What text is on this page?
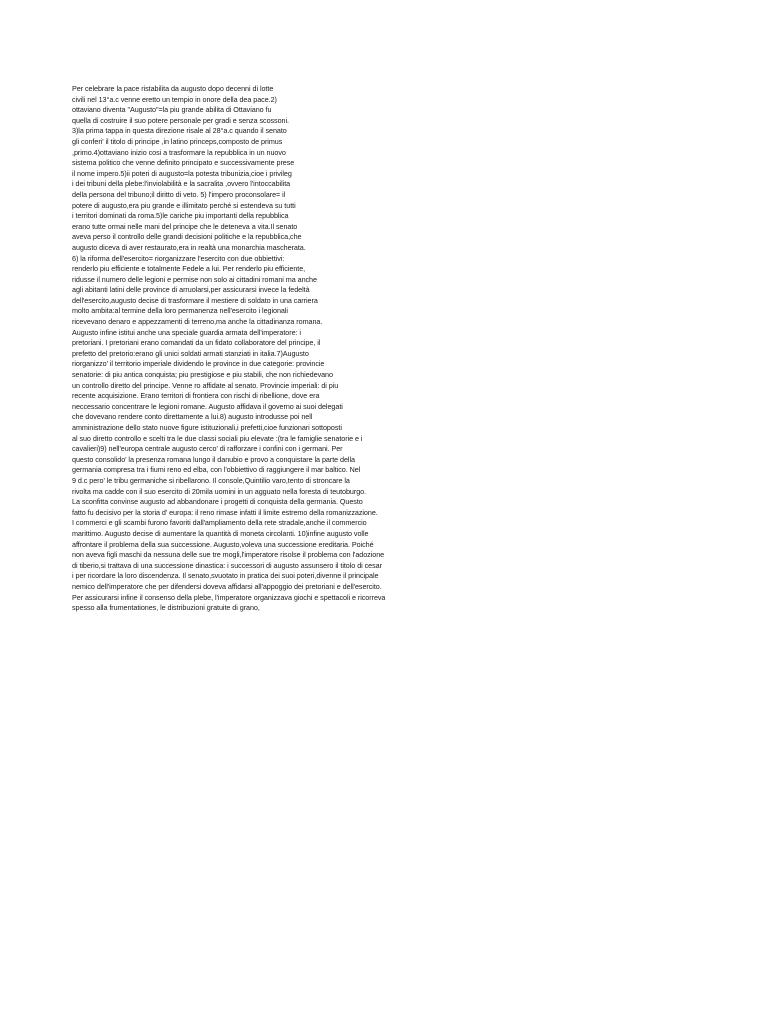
Per celebrare la pace ristabilita da augusto dopo decenni di lotte
civili nel 13°a.c venne eretto un tempio in onore della dea pace.2)
ottaviano diventa "Augusto"=la piu grande abilita di Ottaviano fu
quella di costruire il suo potere personale per gradi e senza scossoni.
3)la prima tappa in questa direzione risale al 28°a.c quando il senato
gli conferi' il titolo di principe ,in latino princeps,composto de primus
,primo.4)ottaviano inizio cosi a trasformare la repubblica in un nuovo
sistema politico che venne definito principato e successivamente prese
il nome impero.5)ii poteri di augusto=la potesta tribunizia,cioe i privileg
i dei tribuni della plebe:l'inviolabilità e la sacralita ,ovvero l'intoccabilita
della persona del tribuno;il diritto di veto. 5) l'impero proconsolare= il
potere di augusto,era piu grande e illimitato perché si estendeva su tutti
i territori dominati da roma.5)le cariche piu importanti della repubblica
erano tutte ormai nelle mani del principe che le deteneva a vita.Il senato
aveva perso il controllo delle grandi decisioni politiche e la repubblica,che
augusto diceva di aver restaurato,era in realtà una monarchia mascherata.
6) la riforma dell'esercito= riorganizzare l'esercito con due obbiettivi:
renderlo piu efficiente e totalmente Fedele a lui. Per renderlo piu efficiente,
ridusse il numero delle legioni e permise non solo ai cittadini romani ma anche
agli abitanti latini delle province di arruolarsi,per assicurarsi invece la fedeltà
dell'esercito,augusto decise di trasformare il mestiere di soldato in una carriera
molto ambita:al termine della loro permanenza nell'esercito i legionali
ricevevano denaro e appezzamenti di terreno,ma anche la cittadinanza romana.
Augusto infine istitui anche una speciale guardia armata dell'imperatore: i
pretoriani. I pretoriani erano comandati da un fidato collaboratore del principe, il
prefetto del pretorio:erano gli unici soldati armati stanziati in italia.7)Augusto
riorganizzo' il territorio imperiale dividendo le province in due categorie: provincie
senatorie: di piu antica conquista; piu prestigiose e piu stabili, che non richiedevano
un controllo diretto del principe. Venne ro affidate al senato. Provincie imperiali: di piu
recente acquisizione. Erano territori di frontiera con rischi di ribellione, dove era
neccessario concentrare le legioni romane. Augusto affidava il governo ai suoi delegati
che dovevano rendere conto direttamente a lui.8) augusto introdusse poi nell
amministrazione dello stato nuove figure istituzionali,i prefetti,cioe funzionari sottoposti
al suo diretto controllo e scelti tra le due classi sociali piu elevate :(tra le famiglie senatorie e i
cavalieri)9) nell'europa centrale augusto cerco' di rafforzare i confini con i germani. Per
questo consolido' la presenza romana lungo il danubio e provo a conquistare la parte della
germania compresa tra i fiumi reno ed elba, con l'obbiettivo di raggiungere il mar baltico. Nel
9 d.c pero' le tribu germaniche si ribellarono. Il console,Quintilio varo,tento di stroncare la
rivolta ma cadde con il suo esercito di 20mila uomini in un agguato nella foresta di teutoburgo.
La sconfitta convinse augusto ad abbandonare i progetti di conquista della germania. Questo
fatto fu decisivo per la storia d' europa: il reno rimase infatti il limite estremo della romanizzazione.
I commerci e gli scambi furono favoriti dall'ampliamento della rete stradale,anche il commercio
marittimo. Augusto decise di aumentare la quantità di moneta circolanti. 10)infine augusto volle
affrontare il problema della sua successione. Augusto,voleva una successione ereditaria. Poiché
non aveva figli maschi da nessuna delle sue tre mogli,l'imperatore risolse il problema con l'adozione
di tiberio,si trattava di una successione dinastica: i successori di augusto assunsero il titolo di cesar
i per ricordare la loro discendenza. Il senato,svuotato in pratica dei suoi poteri,divenne il principale
nemico dell'imperatore che per difendersi doveva affidarsi all'appoggio dei pretoriani e dell'esercito.
Per assicurarsi infine il consenso della plebe, l'imperatore organizzava giochi e spettacoli e ricorreva
spesso alla frumentationes, le distribuzioni gratuite di grano,
